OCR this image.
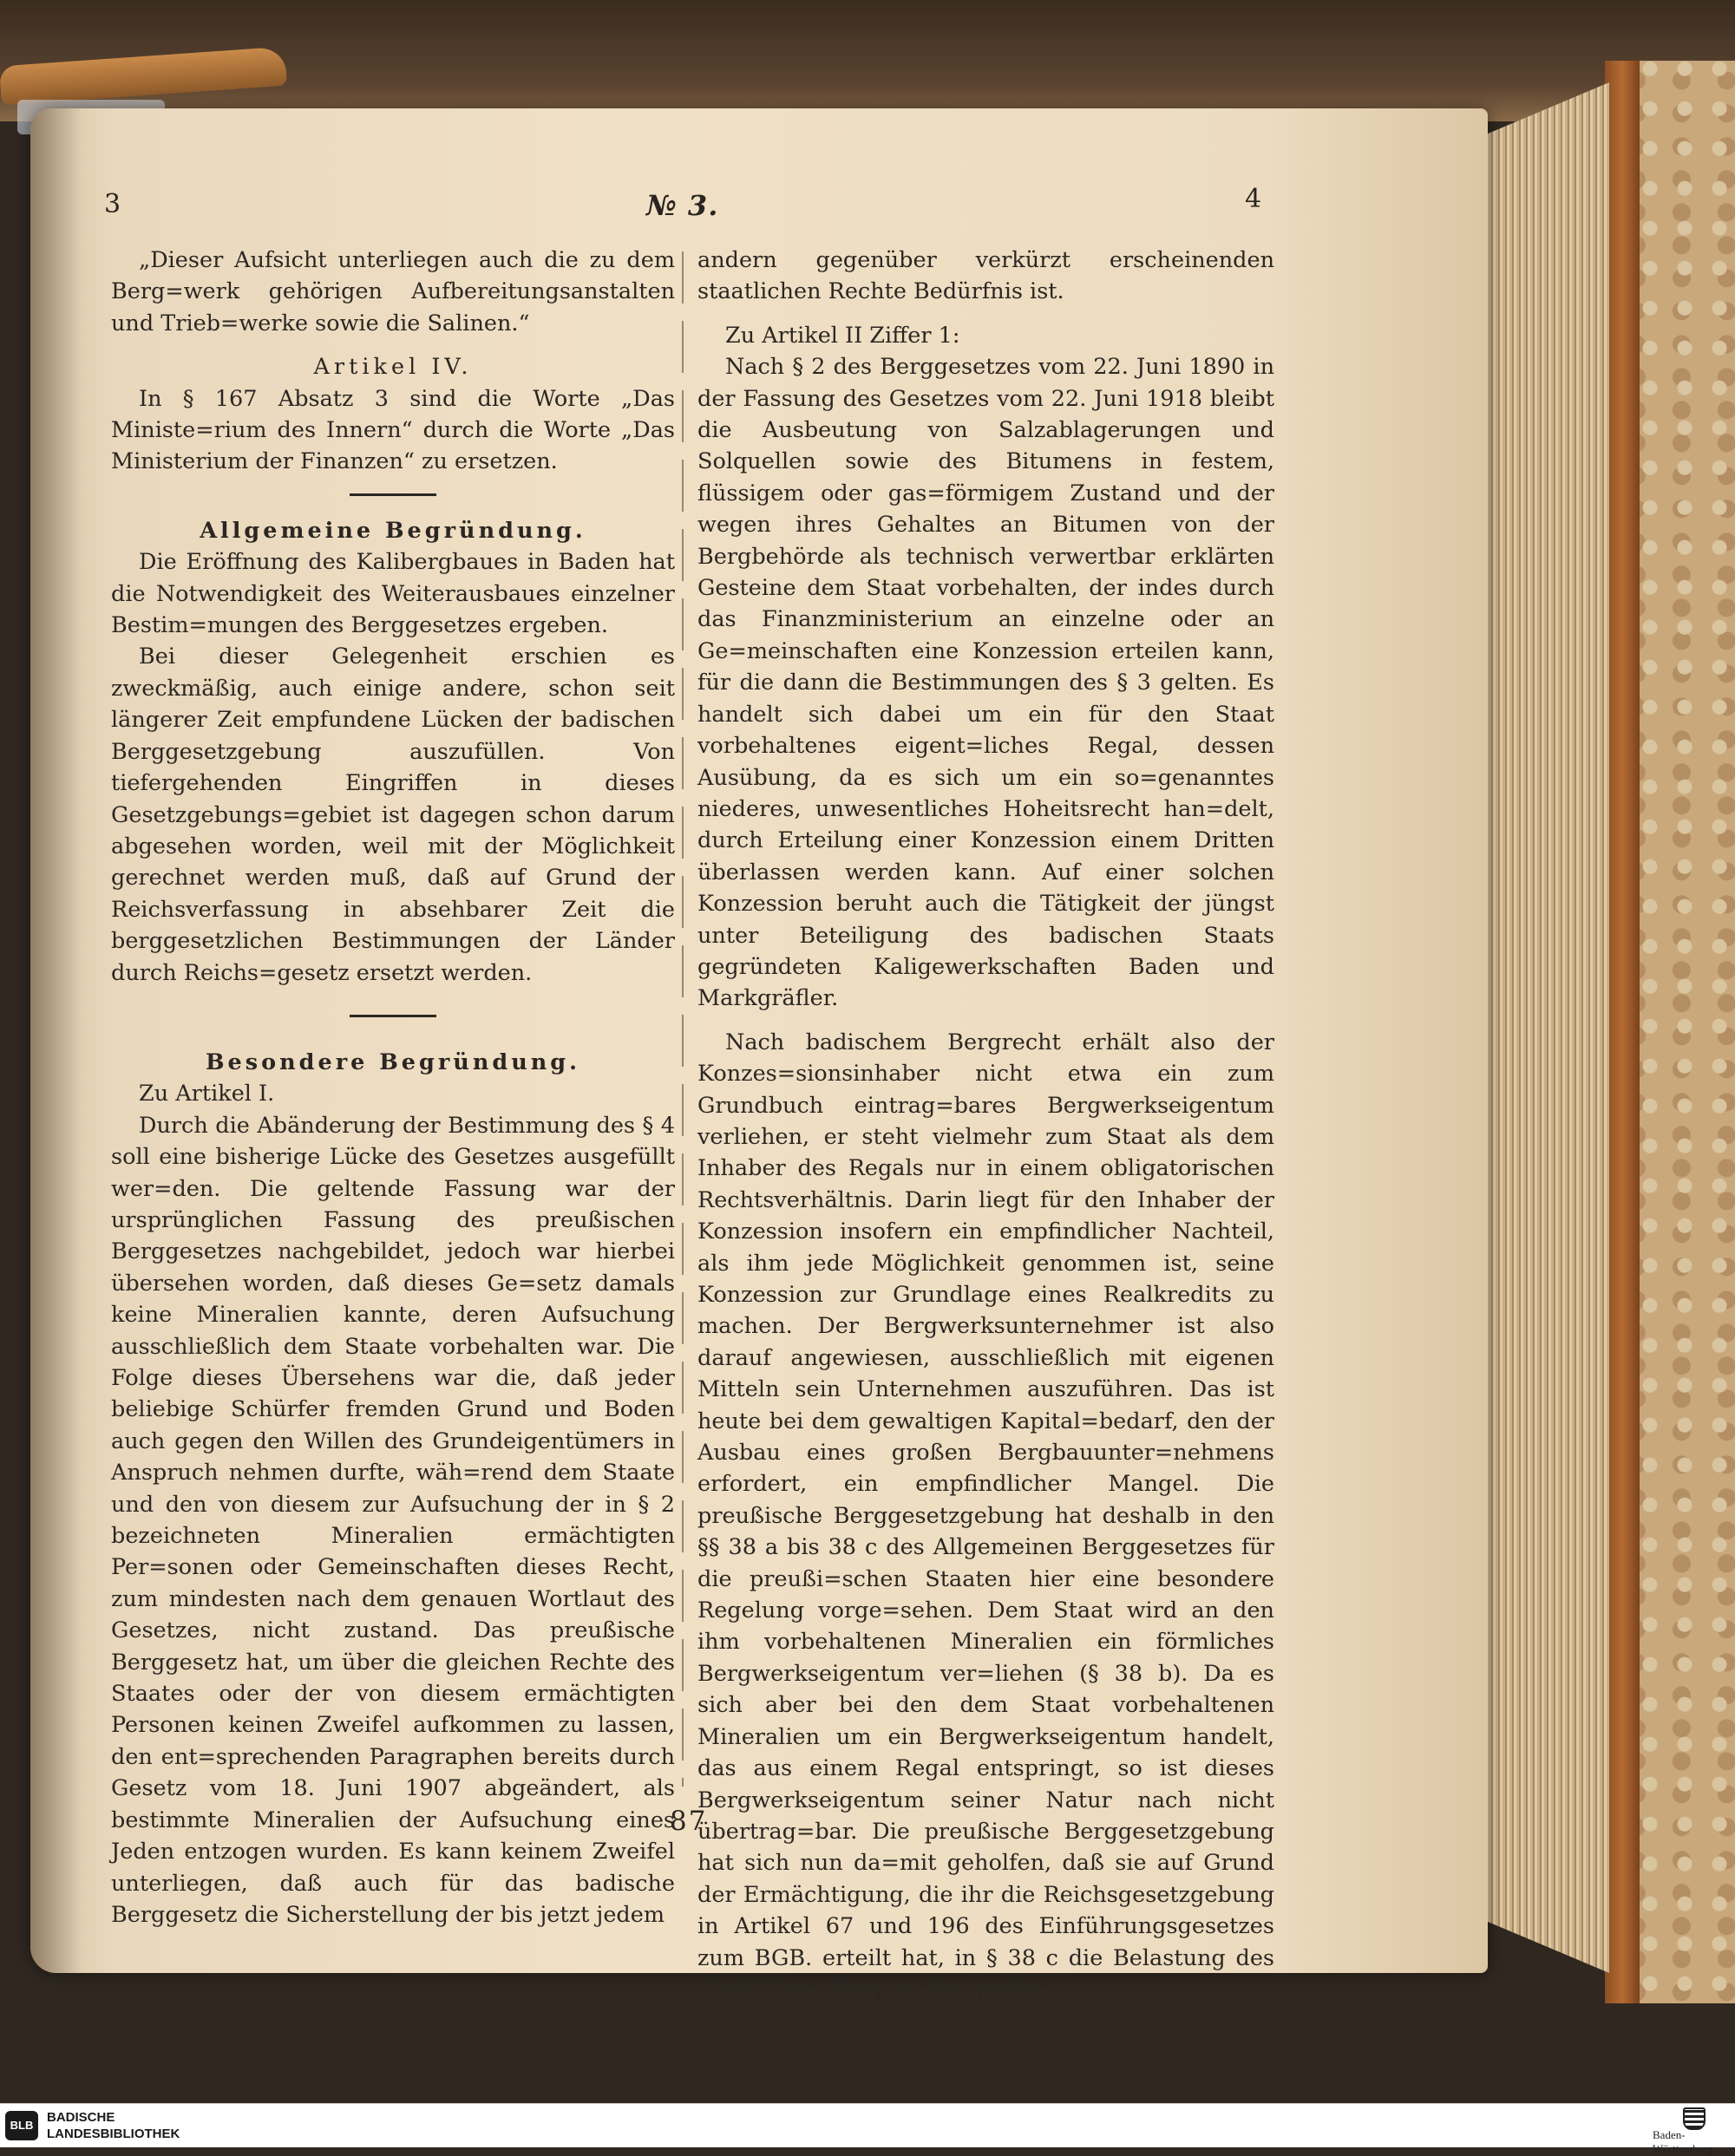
3	№ 3.	4

„Dieser Aufsicht unterliegen auch die zu dem Berg=werk gehörigen Aufbereitungsanstalten und Trieb=werke sowie die Salinen.“

Artikel IV.

In § 167 Absatz 3 sind die Worte „Das Ministe=rium des Innern“ durch die Worte „Das Ministerium der Finanzen“ zu ersetzen.

Allgemeine Begründung.

Die Eröffnung des Kalibergbaues in Baden hat die Notwendigkeit des Weiterausbaues einzelner Bestim=mungen des Berggesetzes ergeben.

Bei dieser Gelegenheit erschien es zweckmäßig, auch einige andere, schon seit längerer Zeit empfundene Lücken der badischen Berggesetzgebung auszufüllen. Von tiefergehenden Eingriffen in dieses Gesetzgebungs=gebiet ist dagegen schon darum abgesehen worden, weil mit der Möglichkeit gerechnet werden muß, daß auf Grund der Reichsverfassung in absehbarer Zeit die berggesetzlichen Bestimmungen der Länder durch Reichs=gesetz ersetzt werden.

Besondere Begründung.

Zu Artikel I.

Durch die Abänderung der Bestimmung des § 4 soll eine bisherige Lücke des Gesetzes ausgefüllt wer=den. Die geltende Fassung war der ursprünglichen Fassung des preußischen Berggesetzes nachgebildet, jedoch war hierbei übersehen worden, daß dieses Ge=setz damals keine Mineralien kannte, deren Aufsuchung ausschließlich dem Staate vorbehalten war. Die Folge dieses Übersehens war die, daß jeder beliebige Schürfer fremden Grund und Boden auch gegen den Willen des Grundeigentümers in Anspruch nehmen durfte, wäh=rend dem Staate und den von diesem zur Aufsuchung der in § 2 bezeichneten Mineralien ermächtigten Per=sonen oder Gemeinschaften dieses Recht, zum mindesten nach dem genauen Wortlaut des Gesetzes, nicht zustand. Das preußische Berggesetz hat, um über die gleichen Rechte des Staates oder der von diesem ermächtigten Personen keinen Zweifel aufkommen zu lassen, den ent=sprechenden Paragraphen bereits durch Gesetz vom 18. Juni 1907 abgeändert, als bestimmte Mineralien der Aufsuchung eines Jeden entzogen wurden. Es kann keinem Zweifel unterliegen, daß auch für das badische Berggesetz die Sicherstellung der bis jetzt jedem

andern gegenüber verkürzt erscheinenden staatlichen Rechte Bedürfnis ist.

Zu Artikel II Ziffer 1:

Nach § 2 des Berggesetzes vom 22. Juni 1890 in der Fassung des Gesetzes vom 22. Juni 1918 bleibt die Ausbeutung von Salzablagerungen und Solquellen sowie des Bitumens in festem, flüssigem oder gas=förmigem Zustand und der wegen ihres Gehaltes an Bitumen von der Bergbehörde als technisch verwertbar erklärten Gesteine dem Staat vorbehalten, der indes durch das Finanzministerium an einzelne oder an Ge=meinschaften eine Konzession erteilen kann, für die dann die Bestimmungen des § 3 gelten. Es handelt sich dabei um ein für den Staat vorbehaltenes eigent=liches Regal, dessen Ausübung, da es sich um ein so=genanntes niederes, unwesentliches Hoheitsrecht han=delt, durch Erteilung einer Konzession einem Dritten überlassen werden kann. Auf einer solchen Konzession beruht auch die Tätigkeit der jüngst unter Beteiligung des badischen Staats gegründeten Kaligewerkschaften Baden und Markgräfler.

Nach badischem Bergrecht erhält also der Konzes=sionsinhaber nicht etwa ein zum Grundbuch eintrag=bares Bergwerkseigentum verliehen, er steht vielmehr zum Staat als dem Inhaber des Regals nur in einem obligatorischen Rechtsverhältnis. Darin liegt für den Inhaber der Konzession insofern ein empfindlicher Nachteil, als ihm jede Möglichkeit genommen ist, seine Konzession zur Grundlage eines Realkredits zu machen. Der Bergwerksunternehmer ist also darauf angewiesen, ausschließlich mit eigenen Mitteln sein Unternehmen auszuführen. Das ist heute bei dem gewaltigen Kapital=bedarf, den der Ausbau eines großen Bergbauunter=nehmens erfordert, ein empfindlicher Mangel. Die preußische Berggesetzgebung hat deshalb in den §§ 38 a bis 38 c des Allgemeinen Berggesetzes für die preußi=schen Staaten hier eine besondere Regelung vorge=sehen. Dem Staat wird an den ihm vorbehaltenen Mineralien ein förmliches Bergwerkseigentum ver=liehen (§ 38 b). Da es sich aber bei den dem Staat vorbehaltenen Mineralien um ein Bergwerkseigentum handelt, das aus einem Regal entspringt, so ist dieses Bergwerkseigentum seiner Natur nach nicht übertrag=bar. Die preußische Berggesetzgebung hat sich nun da=mit geholfen, daß sie auf Grund der Ermächtigung, die ihr die Reichsgesetzgebung in Artikel 67 und 196 des Einführungsgesetzes zum BGB. erteilt hat, in § 38 c die Belastung des staatlichen Bergwerkseigentums an

87
BLB
BADISCHE
LANDESBIBLIOTHEK	Baden-Württemberg
